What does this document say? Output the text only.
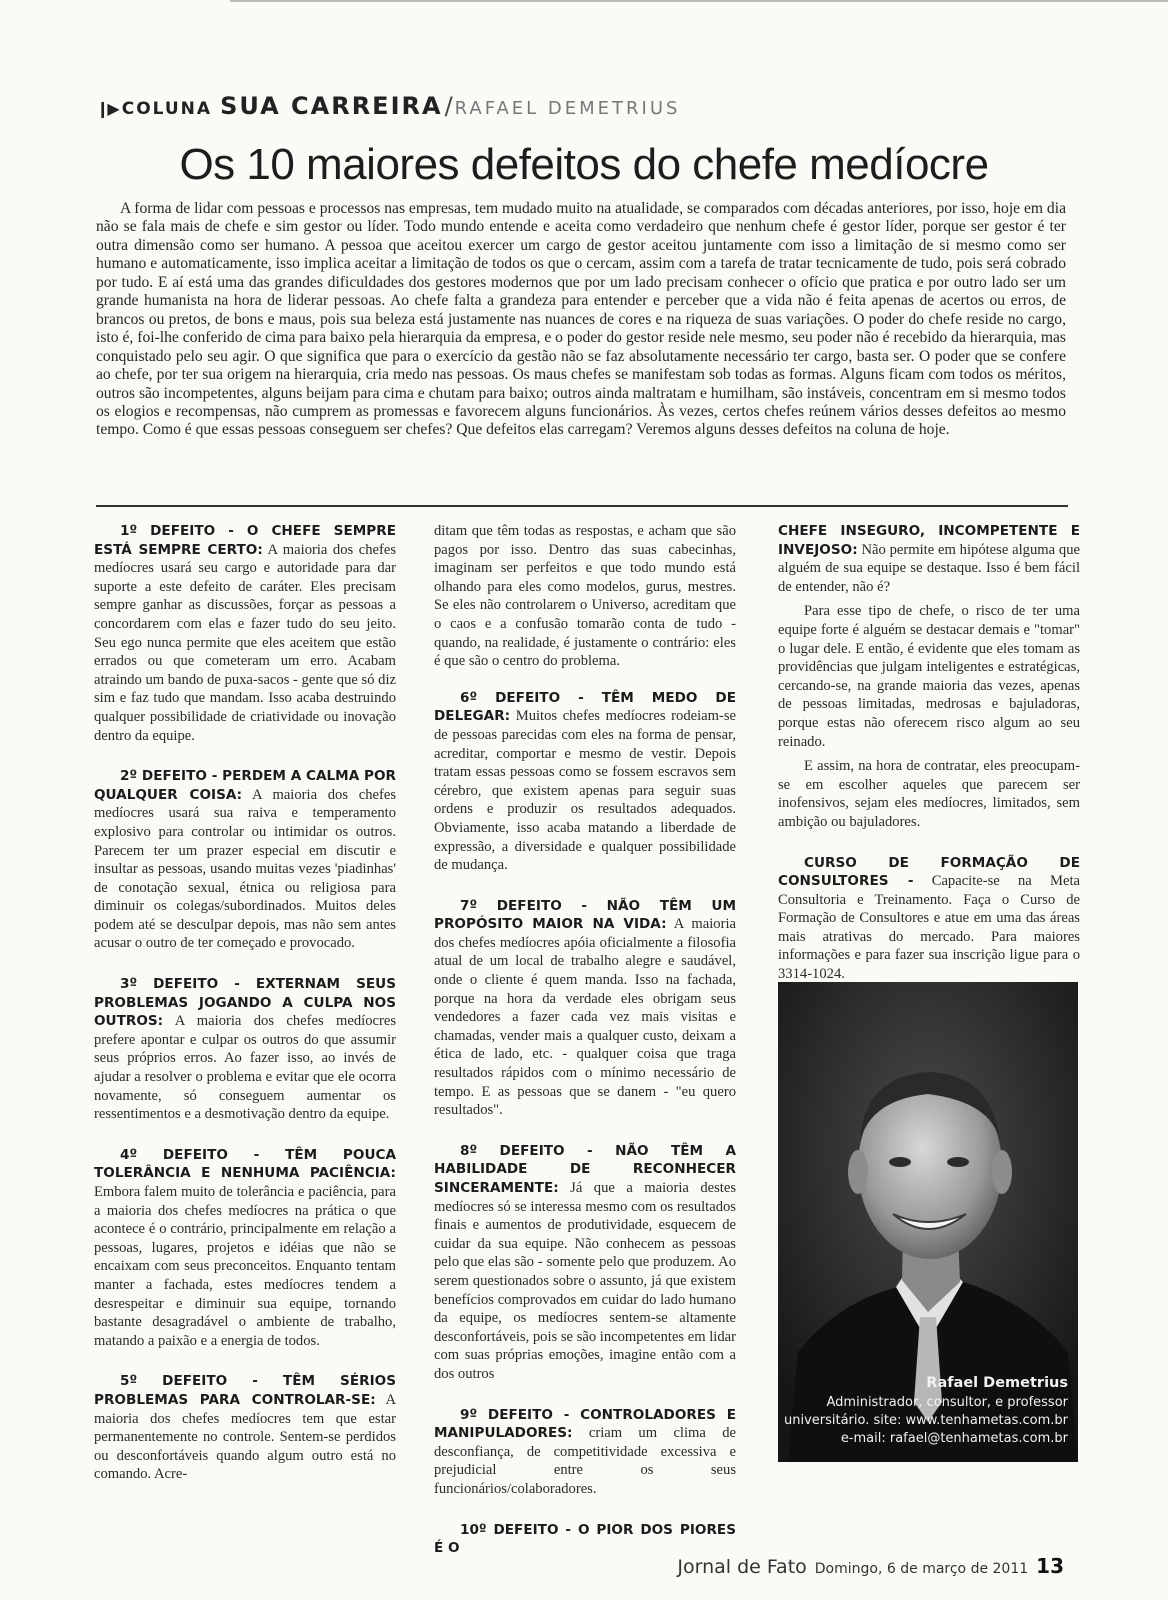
❙▶ COLUNA SUA CARREIRA / RAFAEL DEMETRIUS
Os 10 maiores defeitos do chefe medíocre
A forma de lidar com pessoas e processos nas empresas, tem mudado muito na atualidade, se comparados com décadas anteriores, por isso, hoje em dia não se fala mais de chefe e sim gestor ou líder. Todo mundo entende e aceita como verdadeiro que nenhum chefe é gestor líder, porque ser gestor é ter outra dimensão como ser humano. A pessoa que aceitou exercer um cargo de gestor aceitou juntamente com isso a limitação de si mesmo como ser humano e automaticamente, isso implica aceitar a limitação de todos os que o cercam, assim com a tarefa de tratar tecnicamente de tudo, pois será cobrado por tudo. E aí está uma das grandes dificuldades dos gestores modernos que por um lado precisam conhecer o ofício que pratica e por outro lado ser um grande humanista na hora de liderar pessoas. Ao chefe falta a grandeza para entender e perceber que a vida não é feita apenas de acertos ou erros, de brancos ou pretos, de bons e maus, pois sua beleza está justamente nas nuances de cores e na riqueza de suas variações. O poder do chefe reside no cargo, isto é, foi-lhe conferido de cima para baixo pela hierarquia da empresa, e o poder do gestor reside nele mesmo, seu poder não é recebido da hierarquia, mas conquistado pelo seu agir. O que significa que para o exercício da gestão não se faz absolutamente necessário ter cargo, basta ser. O poder que se confere ao chefe, por ter sua origem na hierarquia, cria medo nas pessoas. Os maus chefes se manifestam sob todas as formas. Alguns ficam com todos os méritos, outros são incompetentes, alguns beijam para cima e chutam para baixo; outros ainda maltratam e humilham, são instáveis, concentram em si mesmo todos os elogios e recompensas, não cumprem as promessas e favorecem alguns funcionários. Às vezes, certos chefes reúnem vários desses defeitos ao mesmo tempo. Como é que essas pessoas conseguem ser chefes? Que defeitos elas carregam? Veremos alguns desses defeitos na coluna de hoje.

1º DEFEITO - O CHEFE SEMPRE ESTÁ SEMPRE CERTO: A maioria dos chefes medíocres usará seu cargo e autoridade para dar suporte a este defeito de caráter. Eles precisam sempre ganhar as discussões, forçar as pessoas a concordarem com elas e fazer tudo do seu jeito. Seu ego nunca permite que eles aceitem que estão errados ou que cometeram um erro. Acabam atraindo um bando de puxa-sacos - gente que só diz sim e faz tudo que mandam. Isso acaba destruindo qualquer possibilidade de criatividade ou inovação dentro da equipe.

2º DEFEITO - PERDEM A CALMA POR QUALQUER COISA: A maioria dos chefes medíocres usará sua raiva e temperamento explosivo para controlar ou intimidar os outros. Parecem ter um prazer especial em discutir e insultar as pessoas, usando muitas vezes 'piadinhas' de conotação sexual, étnica ou religiosa para diminuir os colegas/subordinados. Muitos deles podem até se desculpar depois, mas não sem antes acusar o outro de ter começado e provocado.

3º DEFEITO - EXTERNAM SEUS PROBLEMAS JOGANDO A CULPA NOS OUTROS: A maioria dos chefes medíocres prefere apontar e culpar os outros do que assumir seus próprios erros. Ao fazer isso, ao invés de ajudar a resolver o problema e evitar que ele ocorra novamente, só conseguem aumentar os ressentimentos e a desmotivação dentro da equipe.

4º DEFEITO - TÊM POUCA TOLERÂNCIA E NENHUMA PACIÊNCIA: Embora falem muito de tolerância e paciência, para a maioria dos chefes medíocres na prática o que acontece é o contrário, principalmente em relação a pessoas, lugares, projetos e idéias que não se encaixam com seus preconceitos. Enquanto tentam manter a fachada, estes medíocres tendem a desrespeitar e diminuir sua equipe, tornando bastante desagradável o ambiente de trabalho, matando a paixão e a energia de todos.

5º DEFEITO - TÊM SÉRIOS PROBLEMAS PARA CONTROLAR-SE: A maioria dos chefes medíocres tem que estar permanentemente no controle. Sentem-se perdidos ou desconfortáveis quando algum outro está no comando. Acre-

ditam que têm todas as respostas, e acham que são pagos por isso. Dentro das suas cabecinhas, imaginam ser perfeitos e que todo mundo está olhando para eles como modelos, gurus, mestres. Se eles não controlarem o Universo, acreditam que o caos e a confusão tomarão conta de tudo - quando, na realidade, é justamente o contrário: eles é que são o centro do problema.

6º DEFEITO - TÊM MEDO DE DELEGAR: Muitos chefes medíocres rodeiam-se de pessoas parecidas com eles na forma de pensar, acreditar, comportar e mesmo de vestir. Depois tratam essas pessoas como se fossem escravos sem cérebro, que existem apenas para seguir suas ordens e produzir os resultados adequados. Obviamente, isso acaba matando a liberdade de expressão, a diversidade e qualquer possibilidade de mudança.

7º DEFEITO - NÃO TÊM UM PROPÓSITO MAIOR NA VIDA: A maioria dos chefes medíocres apóia oficialmente a filosofia atual de um local de trabalho alegre e saudável, onde o cliente é quem manda. Isso na fachada, porque na hora da verdade eles obrigam seus vendedores a fazer cada vez mais visitas e chamadas, vender mais a qualquer custo, deixam a ética de lado, etc. - qualquer coisa que traga resultados rápidos com o mínimo necessário de tempo. E as pessoas que se danem - "eu quero resultados".

8º DEFEITO - NÃO TÊM A HABILIDADE DE RECONHECER SINCERAMENTE: Já que a maioria destes medíocres só se interessa mesmo com os resultados finais e aumentos de produtividade, esquecem de cuidar da sua equipe. Não conhecem as pessoas pelo que elas são - somente pelo que produzem. Ao serem questionados sobre o assunto, já que existem benefícios comprovados em cuidar do lado humano da equipe, os medíocres sentem-se altamente desconfortáveis, pois se são incompetentes em lidar com suas próprias emoções, imagine então com a dos outros

9º DEFEITO - CONTROLADORES E MANIPULADORES: criam um clima de desconfiança, de competitividade excessiva e prejudicial entre os seus funcionários/colaboradores.

10º DEFEITO - O PIOR DOS PIORES É O

CHEFE INSEGURO, INCOMPETENTE E INVEJOSO: Não permite em hipótese alguma que alguém de sua equipe se destaque. Isso é bem fácil de entender, não é?

Para esse tipo de chefe, o risco de ter uma equipe forte é alguém se destacar demais e "tomar" o lugar dele. E então, é evidente que eles tomam as providências que julgam inteligentes e estratégicas, cercando-se, na grande maioria das vezes, apenas de pessoas limitadas, medrosas e bajuladoras, porque estas não oferecem risco algum ao seu reinado.

E assim, na hora de contratar, eles preocupam-se em escolher aqueles que parecem ser inofensivos, sejam eles medíocres, limitados, sem ambição ou bajuladores.

CURSO DE FORMAÇÃO DE CONSULTORES - Capacite-se na Meta Consultoria e Treinamento. Faça o Curso de Formação de Consultores e atue em uma das áreas mais atrativas do mercado. Para maiores informações e para fazer sua inscrição ligue para o 3314-1024.

Rafael Demetrius
Administrador, consultor, e professor
universitário. site: www.tenhametas.com.br
e-mail: rafael@tenhametas.com.br
Jornal de Fato Domingo, 6 de março de 2011 13
